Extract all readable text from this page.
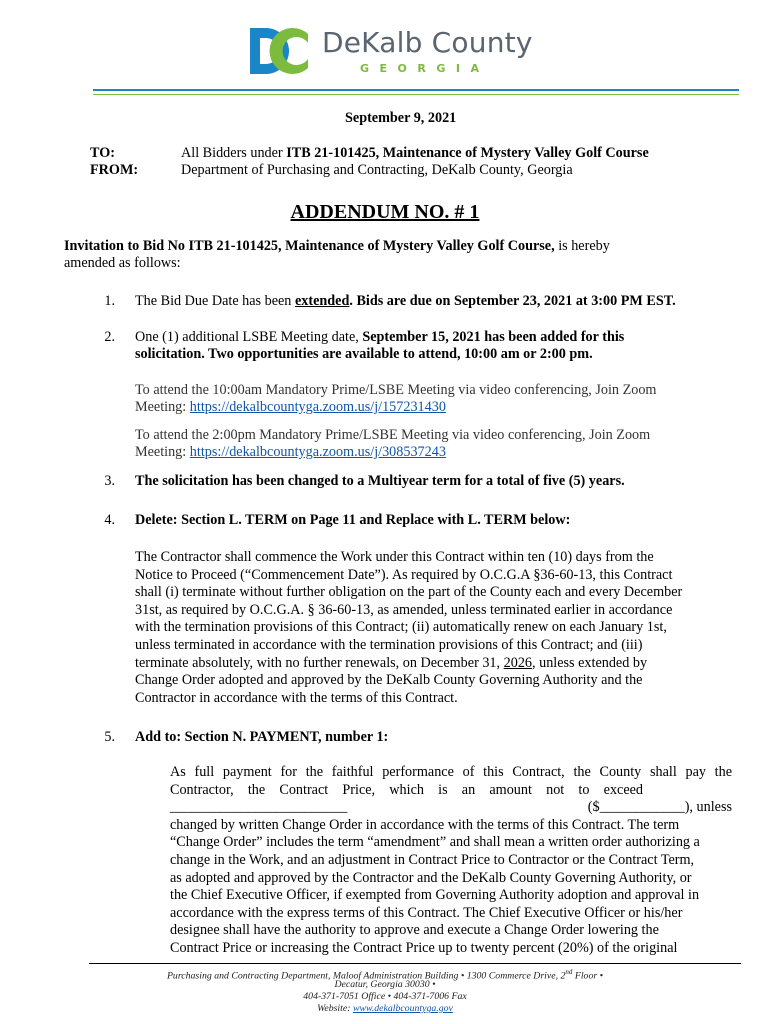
DeKalb County
GEORGIA
September 9, 2021
TO:
FROM:
All Bidders under ITB 21-101425, Maintenance of Mystery Valley Golf Course
Department of Purchasing and Contracting, DeKalb County, Georgia
ADDENDUM NO. # 1
Invitation to Bid No ITB 21-101425, Maintenance of Mystery Valley Golf Course, is hereby
amended as follows:
1. The Bid Due Date has been extended. Bids are due on September 23, 2021 at 3:00 PM EST.
2. One (1) additional LSBE Meeting date, September 15, 2021 has been added for this
solicitation. Two opportunities are available to attend, 10:00 am or 2:00 pm.
To attend the 10:00am Mandatory Prime/LSBE Meeting via video conferencing, Join Zoom
Meeting: https://dekalbcountyga.zoom.us/j/157231430
To attend the 2:00pm Mandatory Prime/LSBE Meeting via video conferencing, Join Zoom
Meeting: https://dekalbcountyga.zoom.us/j/308537243
3. The solicitation has been changed to a Multiyear term for a total of five (5) years.
4. Delete: Section L. TERM on Page 11 and Replace with L. TERM below:
The Contractor shall commence the Work under this Contract within ten (10) days from the
Notice to Proceed (“Commencement Date”). As required by O.C.G.A §36-60-13, this Contract
shall (i) terminate without further obligation on the part of the County each and every December
31st, as required by O.C.G.A. § 36-60-13, as amended, unless terminated earlier in accordance
with the termination provisions of this Contract; (ii) automatically renew on each January 1st,
unless terminated in accordance with the termination provisions of this Contract; and (iii)
terminate absolutely, with no further renewals, on December 31, 2026, unless extended by
Change Order adopted and approved by the DeKalb County Governing Authority and the
Contractor in accordance with the terms of this Contract.
5. Add to: Section N. PAYMENT, number 1:
As full payment for the faithful performance of this Contract, the County shall pay the
Contractor,    the    Contract    Price,    which    is    an    amount    not    to    exceed
_________________________	($____________), unless
changed by written Change Order in accordance with the terms of this Contract. The term
“Change Order” includes the term “amendment” and shall mean a written order authorizing a
change in the Work, and an adjustment in Contract Price to Contractor or the Contract Term,
as adopted and approved by the Contractor and the DeKalb County Governing Authority, or
the Chief Executive Officer, if exempted from Governing Authority adoption and approval in
accordance with the express terms of this Contract. The Chief Executive Officer or his/her
designee shall have the authority to approve and execute a Change Order lowering the
Contract Price or increasing the Contract Price up to twenty percent (20%) of the original
Purchasing and Contracting Department, Maloof Administration Building • 1300 Commerce Drive, 2nd Floor •
Decatur, Georgia 30030 •
404-371-7051 Office • 404-371-7006 Fax
Website: www.dekalbcountyga.gov
